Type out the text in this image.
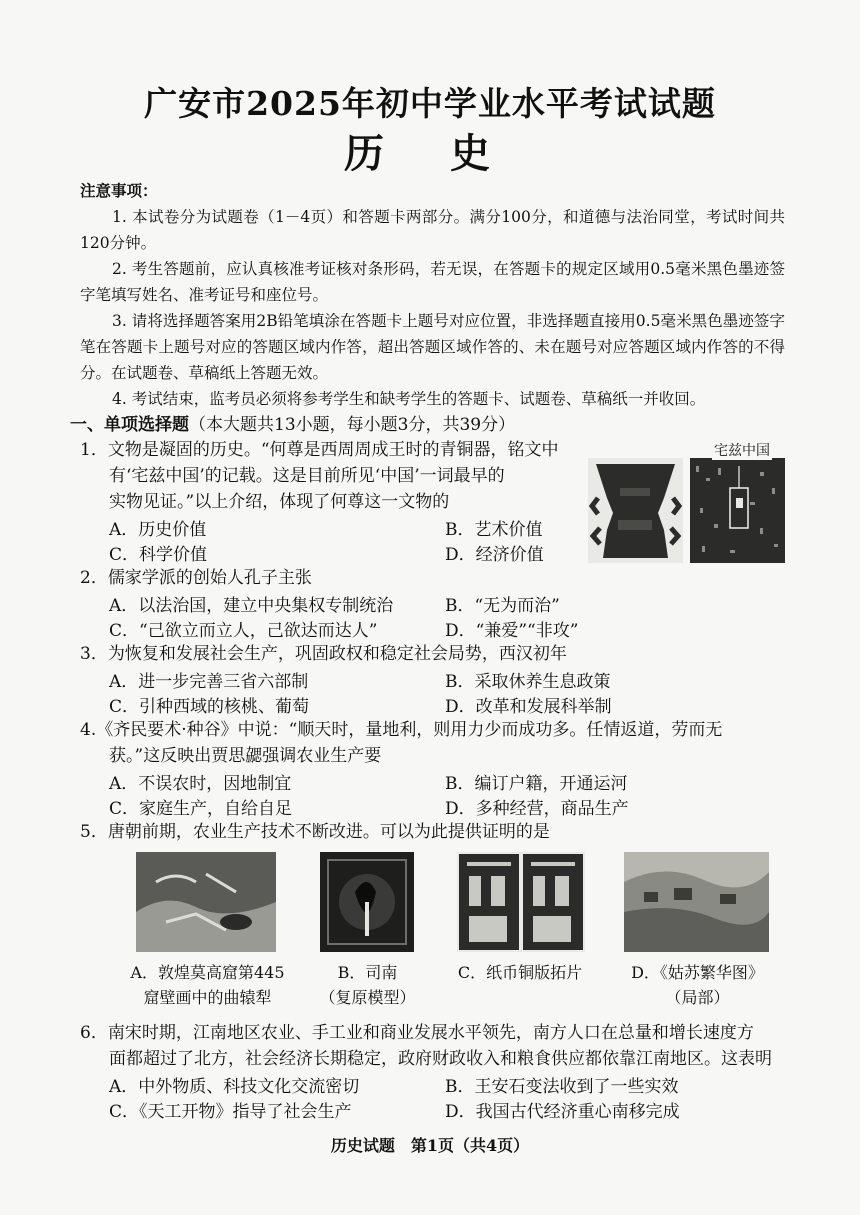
广安市2025年初中学业水平考试试题
历 史
注意事项：

1. 本试卷分为试题卷（1－4页）和答题卡两部分。满分100分，和道德与法治同堂，考试时间共120分钟。

2. 考生答题前，应认真核准考证核对条形码，若无误，在答题卡的规定区域用0.5毫米黑色墨迹签字笔填写姓名、准考证号和座位号。

3. 请将选择题答案用2B铅笔填涂在答题卡上题号对应位置，非选择题直接用0.5毫米黑色墨迹签字笔在答题卡上题号对应的答题区域内作答，超出答题区域作答的、未在题号对应答题区域内作答的不得分。在试题卷、草稿纸上答题无效。

4. 考试结束，监考员必须将参考学生和缺考学生的答题卡、试题卷、草稿纸一并收回。

一、单项选择题（本大题共13小题，每小题3分，共39分）
1．文物是凝固的历史。“何尊是西周周成王时的青铜器，铭文中
有‘宅兹中国’的记载。这是目前所见‘中国’一词最早的
实物见证。”以上介绍，体现了何尊这一文物的
A．历史价值	B．艺术价值
C．科学价值	D．经济价值
宅兹中国
2．儒家学派的创始人孔子主张
A．以法治国，建立中央集权专制统治	B．“无为而治”
C．“己欲立而立人，己欲达而达人”	D．“兼爱”“非攻”
3．为恢复和发展社会生产，巩固政权和稳定社会局势，西汉初年
A．进一步完善三省六部制	B．采取休养生息政策
C．引种西域的核桃、葡萄	D．改革和发展科举制
4.《齐民要术·种谷》中说：“顺天时，量地利，则用力少而成功多。任情返道，劳而无
获。”这反映出贾思勰强调农业生产要
A．不误农时，因地制宜	B．编订户籍，开通运河
C．家庭生产，自给自足	D．多种经营，商品生产
5．唐朝前期，农业生产技术不断改进。可以为此提供证明的是
A．敦煌莫高窟第445
窟壁画中的曲辕犁
B．司南
（复原模型）
C．纸币铜版拓片	D．《姑苏繁华图》
（局部）
6．南宋时期，江南地区农业、手工业和商业发展水平领先，南方人口在总量和增长速度方
面都超过了北方，社会经济长期稳定，政府财政收入和粮食供应都依靠江南地区。这表明
A．中外物质、科技文化交流密切	B．王安石变法收到了一些实效
C．《天工开物》指导了社会生产	D．我国古代经济重心南移完成
历史试题　第1页（共4页）
